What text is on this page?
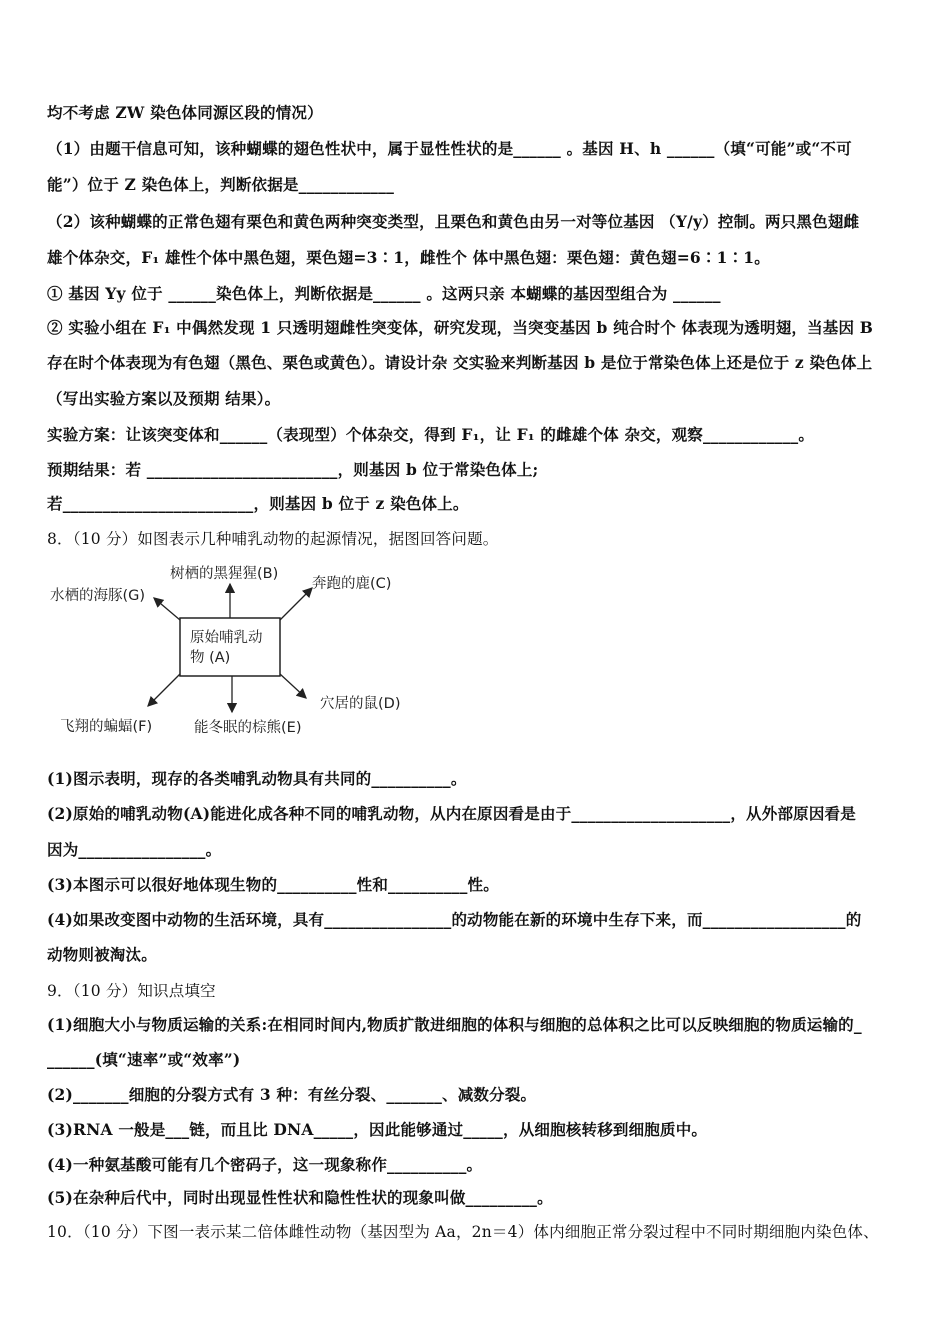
均不考虑 ZW 染色体同源区段的情况）
（1）由题干信息可知，该种蝴蝶的翅色性状中，属于显性性状的是______ 。基因 H、h ______（填“可能”或“不可
能”）位于 Z 染色体上，判断依据是____________
（2）该种蝴蝶的正常色翅有栗色和黄色两种突变类型，且栗色和黄色由另一对等位基因 （Y/y）控制。两只黑色翅雌
雄个体杂交，F₁ 雄性个体中黑色翅，栗色翅=3∶1，雌性个 体中黑色翅：栗色翅：黄色翅=6∶1∶1。
① 基因 Yy 位于 ______染色体上，判断依据是______ 。这两只亲 本蝴蝶的基因型组合为 ______
② 实验小组在 F₁ 中偶然发现 1 只透明翅雌性突变体，研究发现，当突变基因 b 纯合时个 体表现为透明翅，当基因 B
存在时个体表现为有色翅（黑色、栗色或黄色）。请设计杂 交实验来判断基因 b 是位于常染色体上还是位于 z 染色体上
（写出实验方案以及预期 结果）。
实验方案：让该突变体和______（表现型）个体杂交，得到 F₁，让 F₁ 的雌雄个体 杂交，观察____________。
预期结果：若 ________________________，则基因 b 位于常染色体上;
若________________________，则基因 b 位于 z 染色体上。
8．（10 分）如图表示几种哺乳动物的起源情况，据图回答问题。
原始哺乳动
物 (A)
树栖的黑猩猩(B)
奔跑的鹿(C)
穴居的鼠(D)
能冬眠的棕熊(E)
飞翔的蝙蝠(F)
水栖的海豚(G)
(1)图示表明，现存的各类哺乳动物具有共同的__________。
(2)原始的哺乳动物(A)能进化成各种不同的哺乳动物，从内在原因看是由于____________________，从外部原因看是
因为________________。
(3)本图示可以很好地体现生物的__________性和__________性。
(4)如果改变图中动物的生活环境，具有________________的动物能在新的环境中生存下来，而__________________的
动物则被淘汰。
9．（10 分）知识点填空
(1)细胞大小与物质运输的关系:在相同时间内,物质扩散进细胞的体积与细胞的总体积之比可以反映细胞的物质运输的_
______(填“速率”或“效率”)
(2)_______细胞的分裂方式有 3 种：有丝分裂、_______、减数分裂。
(3)RNA 一般是___链，而且比 DNA_____，因此能够通过_____，从细胞核转移到细胞质中。
(4)一种氨基酸可能有几个密码子，这一现象称作__________。
(5)在杂种后代中，同时出现显性性状和隐性性状的现象叫做_________。
10．（10 分）下图一表示某二倍体雌性动物（基因型为 Aa，2n＝4）体内细胞正常分裂过程中不同时期细胞内染色体、
